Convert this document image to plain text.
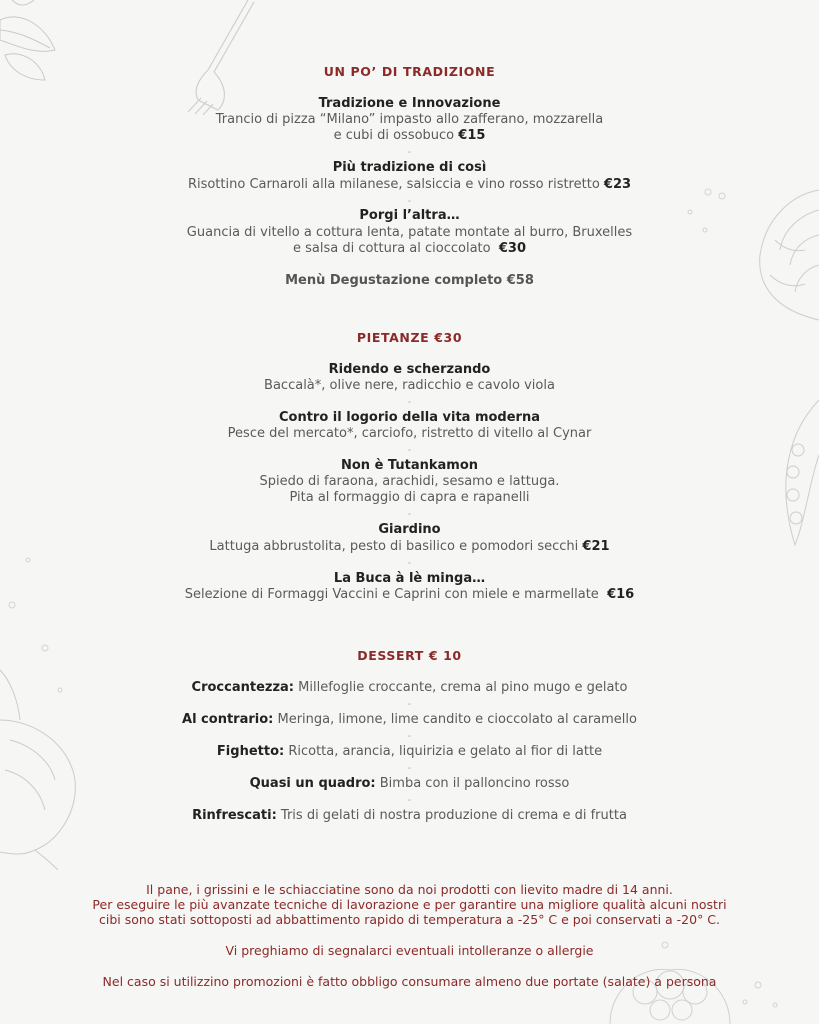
UN PO’ DI TRADIZIONE
Tradizione e Innovazione
Trancio di pizza “Milano” impasto allo zafferano, mozzarella
e cubi di ossobuco €15
-
Più tradizione di così
Risottino Carnaroli alla milanese, salsiccia e vino rosso ristretto €23
-
Porgi l’altra…
Guancia di vitello a cottura lenta, patate montate al burro, Bruxelles
e salsa di cottura al cioccolato €30
Menù Degustazione completo €58
PIETANZE €30
Ridendo e scherzando
Baccalà*, olive nere, radicchio e cavolo viola
-
Contro il logorio della vita moderna
Pesce del mercato*, carciofo, ristretto di vitello al Cynar
-
Non è Tutankamon
Spiedo di faraona, arachidi, sesamo e lattuga.
Pita al formaggio di capra e rapanelli
-
Giardino
Lattuga abbrustolita, pesto di basilico e pomodori secchi €21
-
La Buca à lè minga…
Selezione di Formaggi Vaccini e Caprini con miele e marmellate €16
DESSERT € 10
Croccantezza: Millefoglie croccante, crema al pino mugo e gelato
-
Al contrario: Meringa, limone, lime candito e cioccolato al caramello
-
Fighetto: Ricotta, arancia, liquirizia e gelato al fior di latte
-
Quasi un quadro: Bimba con il palloncino rosso
-
Rinfrescati: Tris di gelati di nostra produzione di crema e di frutta
Il pane, i grissini e le schiacciatine sono da noi prodotti con lievito madre di 14 anni.
Per eseguire le più avanzate tecniche di lavorazione e per garantire una migliore qualità alcuni nostri
cibi sono stati sottoposti ad abbattimento rapido di temperatura a -25° C e poi conservati a -20° C.
Vi preghiamo di segnalarci eventuali intolleranze o allergie
Nel caso si utilizzino promozioni è fatto obbligo consumare almeno due portate (salate) a persona
